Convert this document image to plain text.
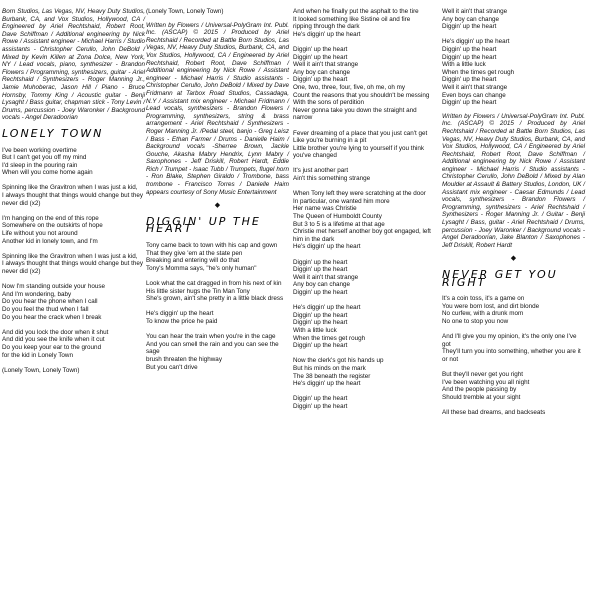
Born Studios, Las Vegas, NV, Heavy Duty Studios, Burbank, CA, and Vox Studios, Hollywood, CA / Engineered by Ariel Rechtshaid, Robert Root, Dave Schiffman / Additional engineering by Nick Rowe / Assistant engineer - Michael Harris / Studio assistants - Christopher Cerullo, John DeBold / Mixed by Kevin Killen at Zona Dolce, New York, NY / Lead vocals, piano, synthesizer - Brandon Flowers / Programming, synthesizers, guitar - Ariel Rechtshaid / Synthesizers - Roger Manning Jr., Jamie Muhoberac, Jason Hill / Piano - Bruce Hornsby, Tommy King / Acoustic guitar - Benji Lysaght / Bass guitar, chapman stick - Tony Levin / Drums, percussion - Joey Waronker / Background vocals - Angel Deradoorian

LONELY TOWN

I've been working overtime

But I can't get you off my mind

I'd sleep in the pouring rain

When will you come home again

Spinning like the Gravitron when I was just a kid,

I always thought that things would change but they never did (x2)

I'm hanging on the end of this rope

Somewhere on the outskirts of hope

Life without you not around

Another kid in lonely town, and I'm

Spinning like the Gravitron when I was just a kid,

I always thought that things would change but they never did (x2)

Now I'm standing outside your house

And I'm wondering, baby

Do you hear the phone when I call

Do you feel the thud when I fall

Do you hear the crack when I break

And did you lock the door when it shut

And did you see the knife when it cut

Do you keep your ear to the ground

for the kid in Lonely Town

(Lonely Town, Lonely Town)

(Lonely Town, Lonely Town)

Written by Flowers / Universal-PolyGram Int. Publ. Inc. (ASCAP) © 2015 / Produced by Ariel Rechtshaid / Recorded at Battle Born Studios, Las Vegas, NV, Heavy Duty Studios, Burbank, CA, and Vox Studios, Hollywood, CA / Engineered by Ariel Rechtshaid, Robert Root, Dave Schiffman / Additional engineering by Nick Rowe / Assistant engineer - Michael Harris / Studio assistants - Christopher Cerullo, John DeBold / Mixed by Dave Fridmann at Tarbox Road Studios, Cassadaga, N.Y / Assistant mix engineer - Michael Fridmann / Lead vocals, synthesizers - Brandon Flowers / Programming, synthesizers, string & brass arrangement - Ariel Rechtshaid / Synthesizers - Roger Manning Jr. /Pedal steel, banjo - Greg Leisz / Bass - Ethan Farmer / Drums - Danielle Haim / Background vocals -Sherree Brown, Jackie Gouche, Akasha Mabry Hendrix, Lynn Mabry / Saxophones - Jeff Driskill, Robert Hardt, Eddie Rich / Trumpet - Isaac Tubb / Trumpets, flugel horn - Ron Blake, Stephen Giraldo / Trombone, bass trombone - Francisco Torres / Danielle Haim appears courtesy of Sony Music Entertainment

◆
DIGGIN' UP THE HEART

Tony came back to town with his cap and gown

That they give 'em at the state pen

Breaking and entering will do that

Tony's Momma says, "he's only human"

Look what the cat dragged in from his next of kin

His little sister hugs the Tin Man Tony

She's grown, ain't she pretty in a little black dress

He's diggin' up the heart

To know the price he paid

You can hear the train when you're in the cage

And you can smell the rain and you can see the sage

brush threaten the highway

But you can't drive

And when he finally put the asphalt to the tire

It looked something like Sistine oil and fire

ripping through the dark

He's diggin' up the heart

Diggin' up the heart

Diggin' up the heart

Well it ain't that strange

Any boy can change

Diggin' up the heart

One, two, three, four, five, oh me, oh my

Count the reasons that you shouldn't be messing

With the sons of perdition

Never gonna take you down the straight and narrow

Fever dreaming of a place that you just can't get

Like you're burning in a pit

Little brother you're lying to yourself if you think you've changed

It's just another part

Ain't this something strange

When Tony left they were scratching at the door

In particular, one wanted him more

Her name was Christie

The Queen of Humboldt County

But 3 to 5 is a lifetime at that age

Christie met herself another boy got engaged, left him in the dark

He's diggin' up the heart

Diggin' up the heart

Diggin' up the heart

Well it ain't that strange

Any boy can change

Diggin' up the heart

He's diggin' up the heart

Diggin' up the heart

Diggin' up the heart

With a little luck

When the times get rough

Diggin' up the heart

Now the clerk's got his hands up

But his minds on the mark

The 38 beneath the register

He's diggin' up the heart

Diggin' up the heart

Diggin' up the heart

Well it ain't that strange

Any boy can change

Diggin' up the heart

He's diggin' up the heart

Diggin' up the heart

Diggin' up the heart

With a little luck

When the times get rough

Diggin' up the heart

Well it ain't that strange

Even boys can change

Diggin' up the heart

Written by Flowers / Universal-PolyGram Int. Publ. Inc. (ASCAP) © 2015 / Produced by Ariel Rechtshaid / Recorded at Battle Born Studios, Las Vegas, NV, Heavy Duty Studios, Burbank, CA, and Vox Studios, Hollywood, CA / Engineered by Ariel Rechtshaid, Robert Root, Dave Schiffman / Additional engineering by Nick Rowe / Assistant engineer - Michael Harris / Studio assistants - Christopher Cerullo, John DeBold / Mixed by Alan Moulder at Assault & Battery Studios, London, UK / Assistant mix engineer - Caesar Edmunds / Lead vocals, synthesizers - Brandon Flowers / Programming, synthesizers - Ariel Rechtshaid / Synthesizers - Roger Manning Jr. / Guitar - Benji Lysaght / Bass, guitar - Ariel Rechtshaid / Drums, percussion - Joey Waronker / Background vocals - Angel Deradoorian, Jake Blanton / Saxophones - Jeff Driskill, Robert Hardt

◆
NEVER GET YOU RIGHT

It's a coin toss, it's a game on

You were born lost, and dirt blonde

No curfew, with a drunk mom

No one to stop you now

And I'll give you my opinion, it's the only one I've got

They'll turn you into something, whether you are it or not

But they'll never get you right

I've been watching you all night

And the people passing by

Should tremble at your sight

All these bad dreams, and backseats
